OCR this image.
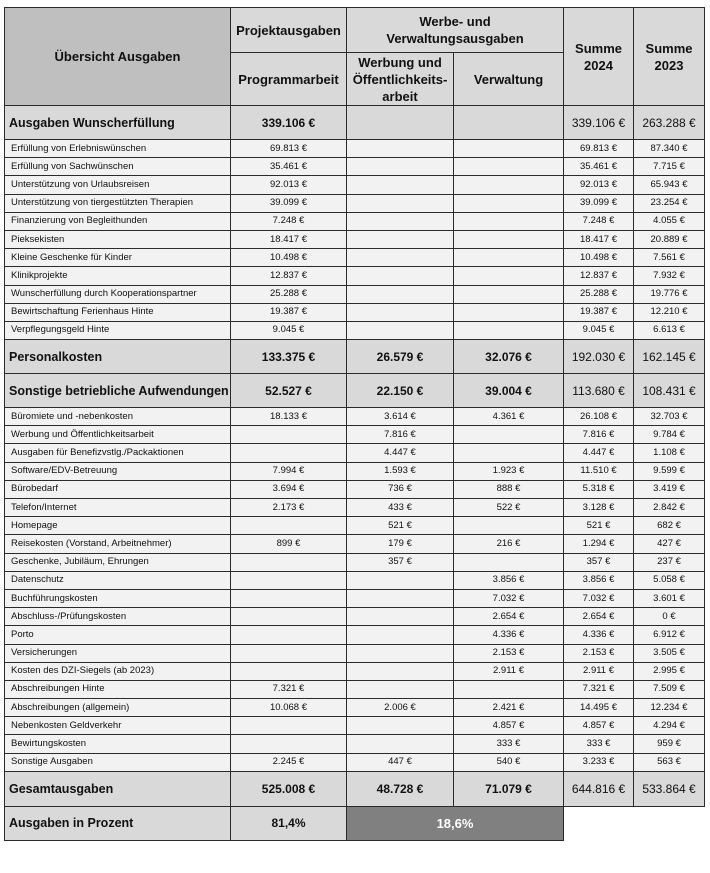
Übersicht Ausgaben	Projektausgaben	Werbe- und Verwaltungsausgaben		Summe 2024	Summe 2023
	Programmarbeit	Werbung und Öffentlichkeits-arbeit	Verwaltung		
Ausgaben Wunscherfüllung	339.106 €			339.106 €	263.288 €
Erfüllung von Erlebniswünschen	69.813 €			69.813 €	87.340 €
Erfüllung von Sachwünschen	35.461 €			35.461 €	7.715 €
Unterstützung von Urlaubsreisen	92.013 €			92.013 €	65.943 €
Unterstützung von tiergestützten Therapien	39.099 €			39.099 €	23.254 €
Finanzierung von Begleithunden	7.248 €			7.248 €	4.055 €
Pieksekisten	18.417 €			18.417 €	20.889 €
Kleine Geschenke für Kinder	10.498 €			10.498 €	7.561 €
Klinikprojekte	12.837 €			12.837 €	7.932 €
Wunscherfüllung durch Kooperationspartner	25.288 €			25.288 €	19.776 €
Bewirtschaftung Ferienhaus Hinte	19.387 €			19.387 €	12.210 €
Verpflegungsgeld Hinte	9.045 €			9.045 €	6.613 €
Personalkosten	133.375 €	26.579 €	32.076 €	192.030 €	162.145 €
Sonstige betriebliche Aufwendungen	52.527 €	22.150 €	39.004 €	113.680 €	108.431 €
Büromiete und -nebenkosten	18.133 €	3.614 €	4.361 €	26.108 €	32.703 €
Werbung und Öffentlichkeitsarbeit		7.816 €		7.816 €	9.784 €
Ausgaben für Benefizvstlg./Packaktionen		4.447 €		4.447 €	1.108 €
Software/EDV-Betreuung	7.994 €	1.593 €	1.923 €	11.510 €	9.599 €
Bürobedarf	3.694 €	736 €	888 €	5.318 €	3.419 €
Telefon/Internet	2.173 €	433 €	522 €	3.128 €	2.842 €
Homepage		521 €		521 €	682 €
Reisekosten (Vorstand, Arbeitnehmer)	899 €	179 €	216 €	1.294 €	427 €
Geschenke, Jubiläum, Ehrungen		357 €		357 €	237 €
Datenschutz			3.856 €	3.856 €	5.058 €
Buchführungskosten			7.032 €	7.032 €	3.601 €
Abschluss-/Prüfungskosten			2.654 €	2.654 €	0 €
Porto			4.336 €	4.336 €	6.912 €
Versicherungen			2.153 €	2.153 €	3.505 €
Kosten des DZI-Siegels (ab 2023)			2.911 €	2.911 €	2.995 €
Abschreibungen Hinte	7.321 €			7.321 €	7.509 €
Abschreibungen (allgemein)	10.068 €	2.006 €	2.421 €	14.495 €	12.234 €
Nebenkosten Geldverkehr			4.857 €	4.857 €	4.294 €
Bewirtungskosten			333 €	333 €	959 €
Sonstige Ausgaben	2.245 €	447 €	540 €	3.233 €	563 €
Gesamtausgaben	525.008 €	48.728 €	71.079 €	644.816 €	533.864 €
Ausgaben in Prozent	81,4%	18,6%			
